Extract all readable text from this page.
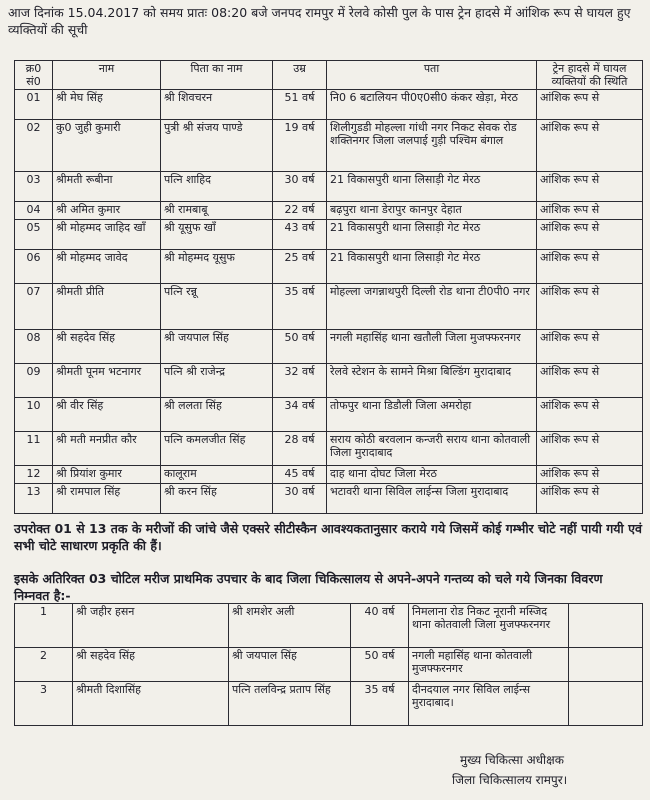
आज दिनांक 15.04.2017 को समय प्रातः 08:20 बजे जनपद रामपुर में रेलवे कोसी पुल के पास ट्रेन हादसे में आंशिक रूप से घायल हुए व्यक्तियों की सूची

क्र0 सं0	नाम	पिता का नाम	उम्र	पता	ट्रेन हादसे में घायल व्यक्तियों की स्थिति
01	श्री मेघ सिंह	श्री शिवचरन	51 वर्ष	नि0 6 बटालियन पी0ए0सी0 कंकर खेड़ा, मेरठ	आंशिक रूप से
02	कु0 जुही कुमारी	पुत्री श्री संजय पाण्डे	19 वर्ष	शिलीगुडडी मोहल्ला गांधी नगर निकट सेवक रोड शक्तिनगर जिला जलपाई गुड़ी पश्चिम बंगाल	आंशिक रूप से
03	श्रीमती रूबीना	पत्नि शाहिद	30 वर्ष	21 विकासपुरी थाना लिसाड़ी गेट मेरठ	आंशिक रूप से
04	श्री अमित कुमार	श्री रामबाबू	22 वर्ष	बढ़पुरा थाना डेरापुर कानपुर देहात	आंशिक रूप से
05	श्री मोहम्मद जाहिद खाँ	श्री यूसुफ खाँ	43 वर्ष	21 विकासपुरी थाना लिसाड़ी गेट मेरठ	आंशिक रूप से
06	श्री मोहम्मद जावेद	श्री मोहम्मद यूसुफ	25 वर्ष	21 विकासपुरी थाना लिसाड़ी गेट मेरठ	आंशिक रूप से
07	श्रीमती प्रीति	पत्नि रन्नू	35 वर्ष	मोहल्ला जगन्नाथपुरी दिल्ली रोड थाना टी0पी0 नगर	आंशिक रूप से
08	श्री सहदेव सिंह	श्री जयपाल सिंह	50 वर्ष	नगली महासिंह थाना खतौली जिला मुजफ्फरनगर	आंशिक रूप से
09	श्रीमती पूनम भटनागर	पत्नि श्री राजेन्द्र	32 वर्ष	रेलवे स्टेशन के सामने मिश्रा बिल्डिंग मुरादाबाद	आंशिक रूप से
10	श्री वीर सिंह	श्री ललता सिंह	34 वर्ष	तोफपुर थाना डिडौली जिला अमरोहा	आंशिक रूप से
11	श्री मती मनप्रीत कौर	पत्नि कमलजीत सिंह	28 वर्ष	सराय कोठी बरवलान कन्जरी सराय थाना कोतवाली जिला मुरादाबाद	आंशिक रूप से
12	श्री प्रियांश कुमार	कालूराम	45 वर्ष	दाह थाना दोघट जिला मेरठ	आंशिक रूप से
13	श्री रामपाल सिंह	श्री करन सिंह	30 वर्ष	भटावरी थाना सिविल लाईन्स जिला मुरादाबाद	आंशिक रूप से

उपरोक्त 01 से 13 तक के मरीजों की जांचे जैसे एक्सरे सीटीस्कैन आवश्यकतानुसार कराये गये जिसमें कोई गम्भीर चोटे नहीं पायी गयी एवं सभी चोटे साधारण प्रकृति की हैं।

इसके अतिरिक्त 03 चोटिल मरीज प्राथमिक उपचार के बाद जिला चिकित्सालय से अपने-अपने गन्तव्य को चले गये जिनका विवरण निम्नवत है:-

1	श्री जहीर हसन	श्री शमशेर अली	40 वर्ष	निमलाना रोड निकट नूरानी मस्जिद थाना कोतवाली जिला मुजफ्फरनगर	
2	श्री सहदेव सिंह	श्री जयपाल सिंह	50 वर्ष	नगली महासिंह थाना कोतवाली मुजफ्फरनगर	
3	श्रीमती दिशासिंह	पत्नि तलविन्द्र प्रताप सिंह	35 वर्ष	दीनदयाल नगर सिविल लाईन्स मुरादाबाद।	
मुख्य चिकित्सा अधीक्षक
जिला चिकित्सालय रामपुर।
